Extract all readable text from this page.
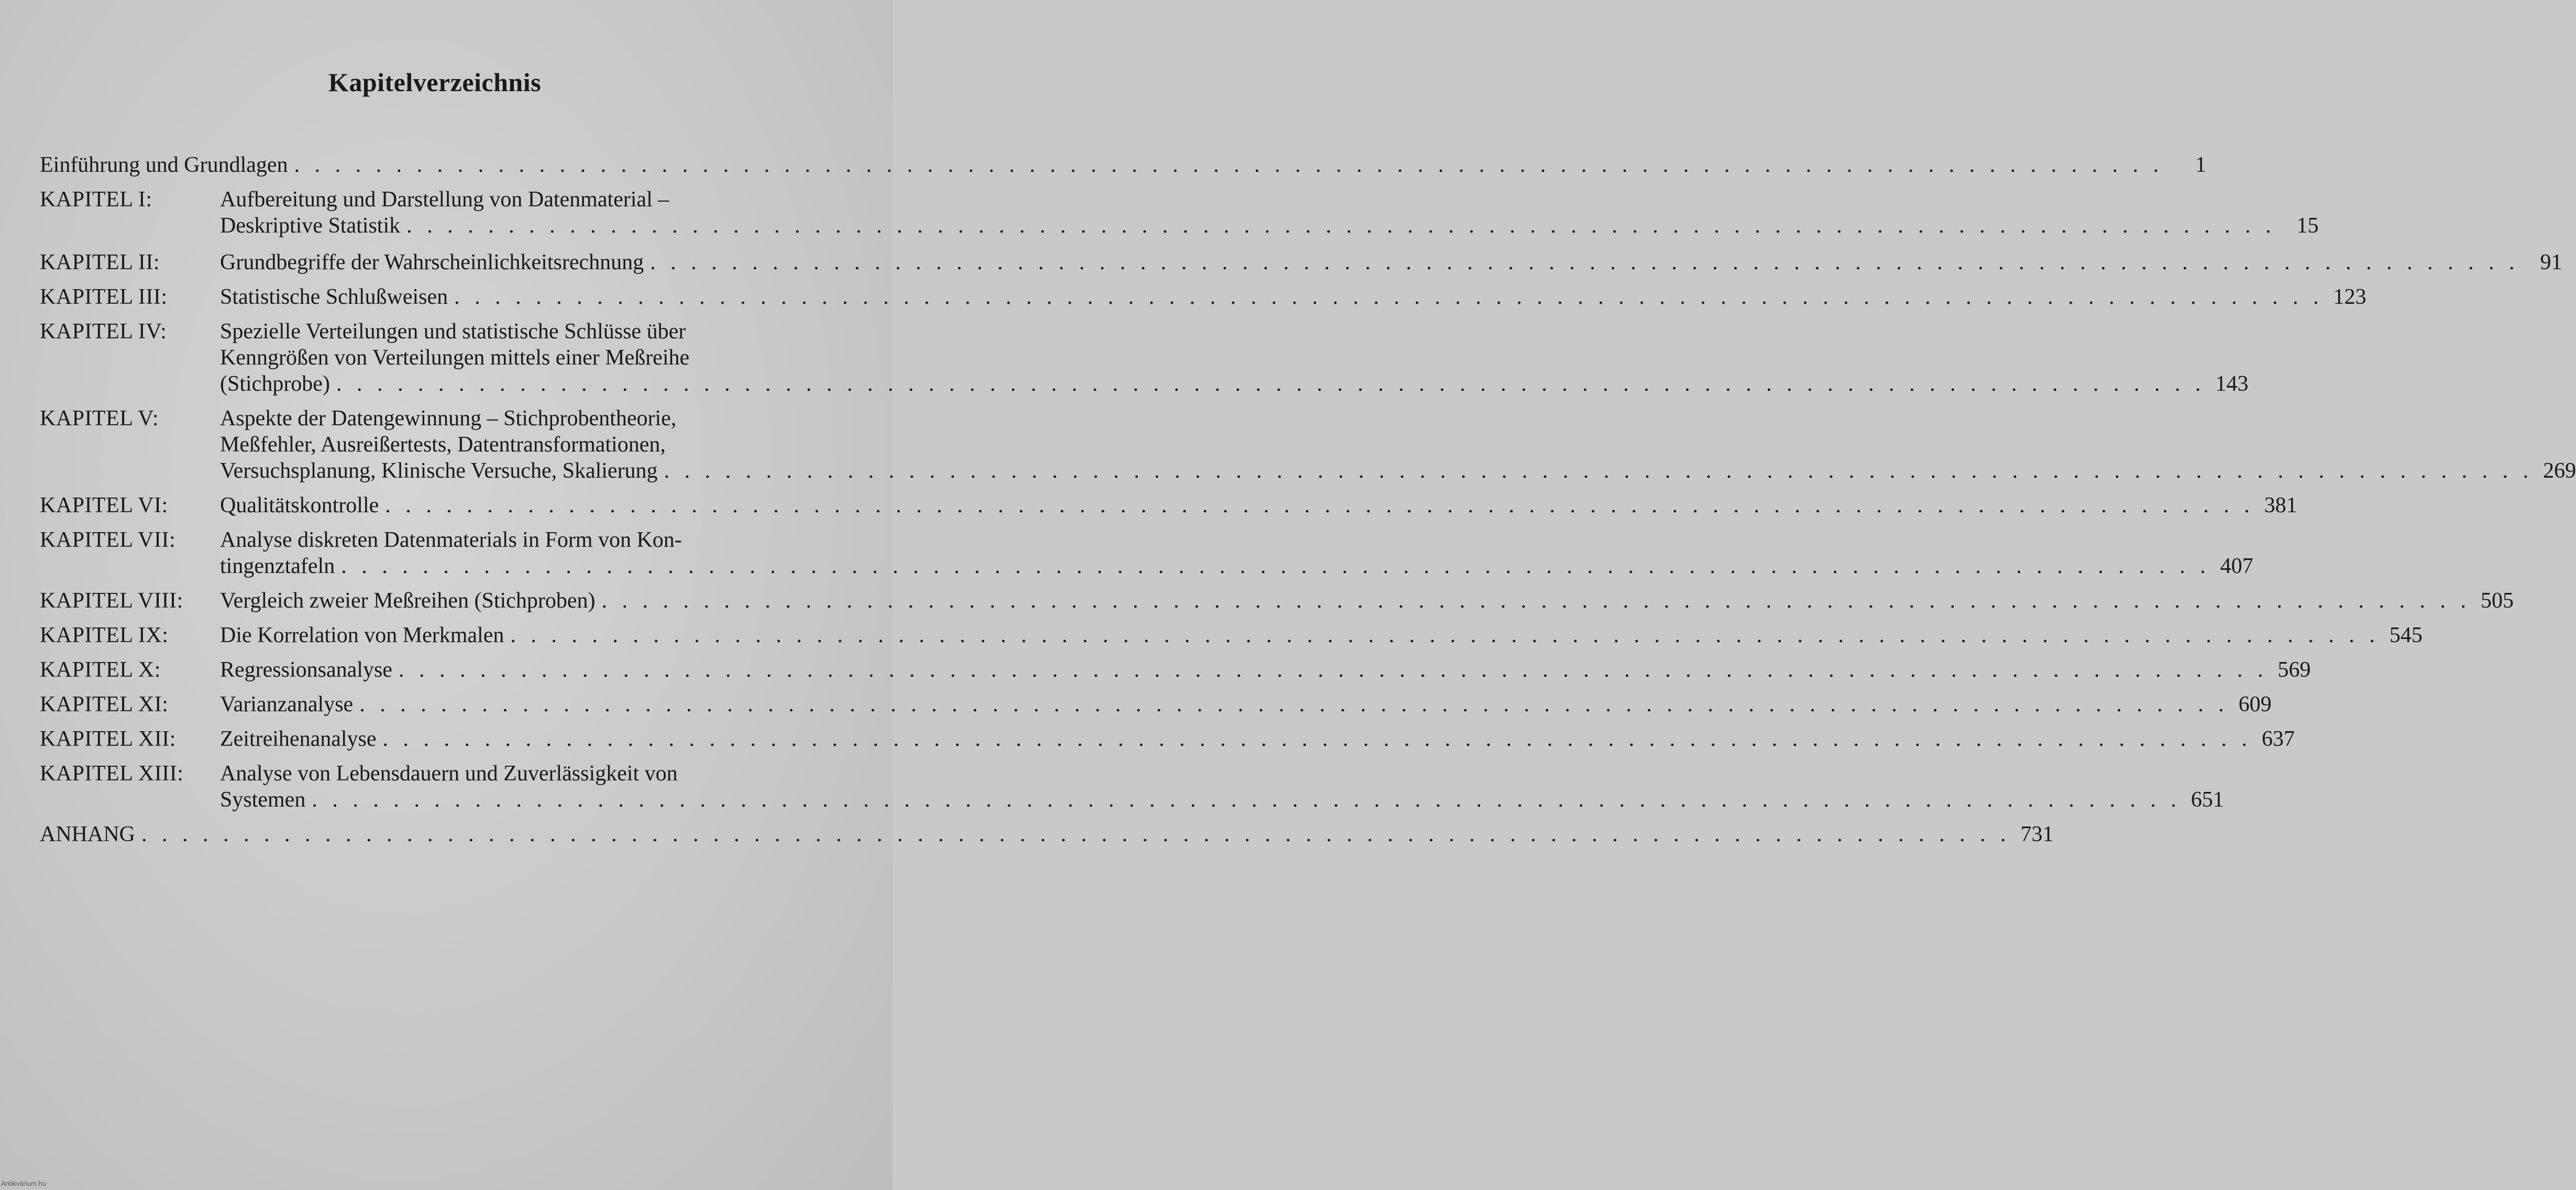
Kapitelverzeichnis
Einführung und Grundlagen . . .	1
KAPITEL I:	Aufbereitung und Darstellung von Datenmaterial –
Deskriptive Statistik . . .	15
KAPITEL II:	Grundbegriffe der Wahrscheinlichkeitsrechnung . . .	91
KAPITEL III:	Statistische Schlußweisen . . .	123
KAPITEL IV:	Spezielle Verteilungen und statistische Schlüsse über
Kenngrößen von Verteilungen mittels einer Meßreihe
(Stichprobe) . . .	143
KAPITEL V:	Aspekte der Datengewinnung – Stichprobentheorie,
Meßfehler, Ausreißertests, Datentransformationen,
Versuchsplanung, Klinische Versuche, Skalierung . . .	269
KAPITEL VI:	Qualitätskontrolle . . .	381
KAPITEL VII:	Analyse diskreten Datenmaterials in Form von Kon-
tingenztafeln . . .	407
KAPITEL VIII:	Vergleich zweier Meßreihen (Stichproben) . . .	505
KAPITEL IX:	Die Korrelation von Merkmalen . . .	545
KAPITEL X:	Regressionsanalyse . . .	569
KAPITEL XI:	Varianzanalyse . . .	609
KAPITEL XII:	Zeitreihenanalyse . . .	637
KAPITEL XIII:	Analyse von Lebensdauern und Zuverlässigkeit von
Systemen . . .	651
ANHANG . . .	731
Antikvárium.hu
